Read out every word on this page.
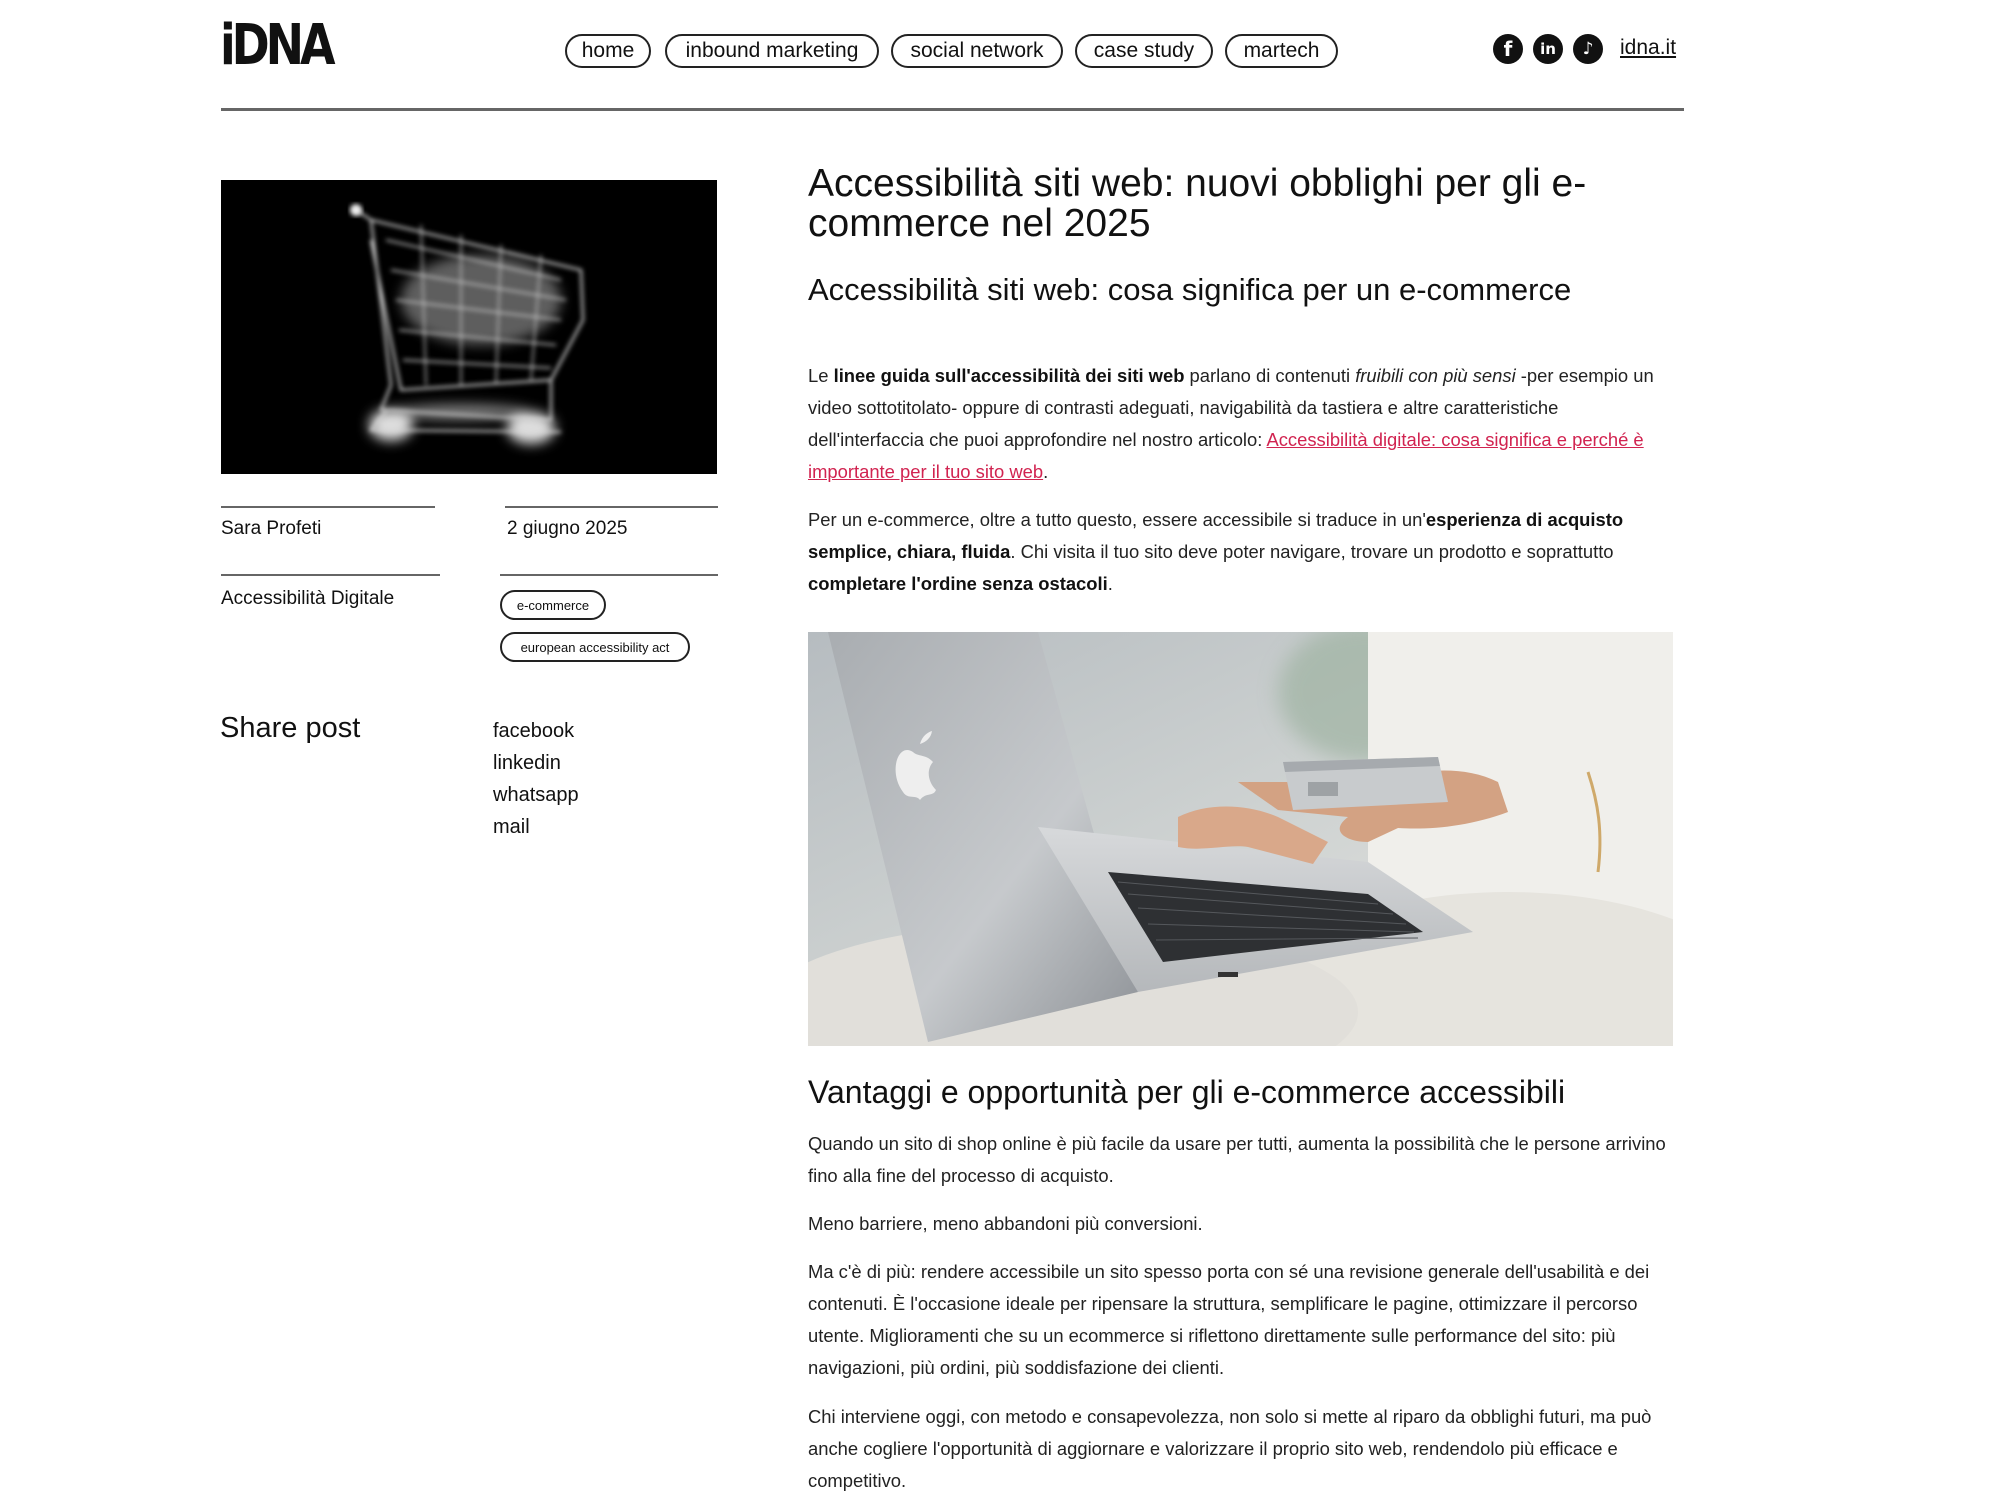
iDNA	home	inbound marketing	social network	case study	martech	f	in	♪	idna.it
Sara Profeti	2 giugno 2025
Accessibilità Digitale	e-commerce
european accessibility act
Share post	facebook
linkedin
whatsapp
mail
Accessibilità siti web: nuovi obblighi per gli e-commerce nel 2025
Accessibilità siti web: cosa significa per un e-commerce
Le linee guida sull'accessibilità dei siti web parlano di contenuti fruibili con più sensi -per esempio un video sottotitolato- oppure di contrasti adeguati, navigabilità da tastiera e altre caratteristiche dell'interfaccia che puoi approfondire nel nostro articolo: Accessibilità digitale: cosa significa e perché è importante per il tuo sito web.
Per un e-commerce, oltre a tutto questo, essere accessibile si traduce in un'esperienza di acquisto semplice, chiara, fluida. Chi visita il tuo sito deve poter navigare, trovare un prodotto e soprattutto completare l'ordine senza ostacoli.
Vantaggi e opportunità per gli e-commerce accessibili
Quando un sito di shop online è più facile da usare per tutti, aumenta la possibilità che le persone arrivino fino alla fine del processo di acquisto.
Meno barriere, meno abbandoni più conversioni.
Ma c'è di più: rendere accessibile un sito spesso porta con sé una revisione generale dell'usabilità e dei contenuti. È l'occasione ideale per ripensare la struttura, semplificare le pagine, ottimizzare il percorso utente. Miglioramenti che su un ecommerce si riflettono direttamente sulle performance del sito: più navigazioni, più ordini, più soddisfazione dei clienti.
Chi interviene oggi, con metodo e consapevolezza, non solo si mette al riparo da obblighi futuri, ma può anche cogliere l'opportunità di aggiornare e valorizzare il proprio sito web, rendendolo più efficace e competitivo.
